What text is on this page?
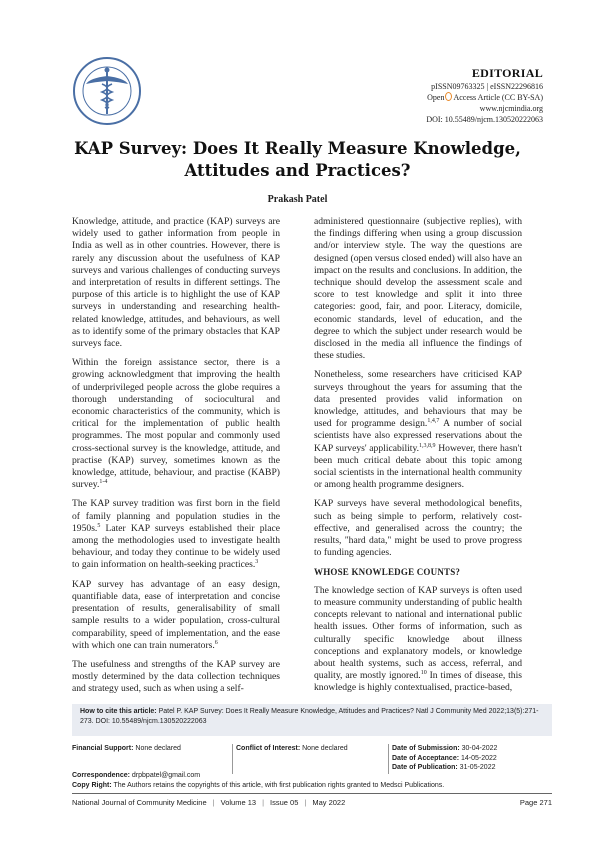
EDITORIAL
pISSN09763325 | eISSN22296816
Open Access Article (CC BY-SA)
www.njcmindia.org
DOI: 10.55489/njcm.130520222063
KAP Survey: Does It Really Measure Knowledge,
Attitudes and Practices?
Prakash Patel

Knowledge, attitude, and practice (KAP) surveys are widely used to gather information from people in India as well as in other countries. However, there is rarely any discussion about the usefulness of KAP surveys and various challenges of conducting surveys and interpretation of results in different settings. The purpose of this article is to highlight the use of KAP surveys in understanding and researching health-related knowledge, attitudes, and behaviours, as well as to identify some of the primary obstacles that KAP surveys face.

Within the foreign assistance sector, there is a growing acknowledgment that improving the health of underprivileged people across the globe requires a thorough understanding of sociocultural and economic characteristics of the community, which is critical for the implementation of public health programmes. The most popular and commonly used cross-sectional survey is the knowledge, attitude, and practise (KAP) survey, sometimes known as the knowledge, attitude, behaviour, and practise (KABP) survey.$^{1-4}$

The KAP survey tradition was first born in the field of family planning and population studies in the 1950s.$^5$ Later KAP surveys established their place among the methodologies used to investigate health behaviour, and today they continue to be widely used to gain information on health-seeking practices.$^3$

KAP survey has advantage of an easy design, quantifiable data, ease of interpretation and concise presentation of results, generalisability of small sample results to a wider population, cross-cultural comparability, speed of implementation, and the ease with which one can train numerators.$^6$

The usefulness and strengths of the KAP survey are mostly determined by the data collection techniques and strategy used, such as when using a self-

administered questionnaire (subjective replies), with the findings differing when using a group discussion and/or interview style. The way the questions are designed (open versus closed ended) will also have an impact on the results and conclusions. In addition, the technique should develop the assessment scale and score to test knowledge and split it into three categories: good, fair, and poor. Literacy, domicile, economic standards, level of education, and the degree to which the subject under research would be disclosed in the media all influence the findings of these studies.

Nonetheless, some researchers have criticised KAP surveys throughout the years for assuming that the data presented provides valid information on knowledge, attitudes, and behaviours that may be used for programme design.$^{1,4,7}$ A number of social scientists have also expressed reservations about the KAP surveys' applicability.$^{1,3,8,9}$ However, there hasn't been much critical debate about this topic among social scientists in the international health community or among health programme designers.

KAP surveys have several methodological benefits, such as being simple to perform, relatively cost-effective, and generalised across the country; the results, "hard data," might be used to prove progress to funding agencies.

WHOSE KNOWLEDGE COUNTS?

The knowledge section of KAP surveys is often used to measure community understanding of public health concepts relevant to national and international public health issues. Other forms of information, such as culturally specific knowledge about illness conceptions and explanatory models, or knowledge about health systems, such as access, referral, and quality, are mostly ignored.$^{10}$ In times of disease, this knowledge is highly contextualised, practice-based,

How to cite this article: Patel P. KAP Survey: Does It Really Measure Knowledge, Attitudes and Practices? Natl J Community Med 2022;13(5):271-273. DOI: 10.55489/njcm.130520222063
Financial Support: None declared	Conflict of Interest: None declared	Date of Submission: 30-04-2022
Date of Acceptance: 14-05-2022
Date of Publication: 31-05-2022
Correspondence: drpbpatel@gmail.com
Copy Right: The Authors retains the copyrights of this article, with first publication rights granted to Medsci Publications.
National Journal of Community Medicine | Volume 13 | Issue 05 | May 2022	Page 271
